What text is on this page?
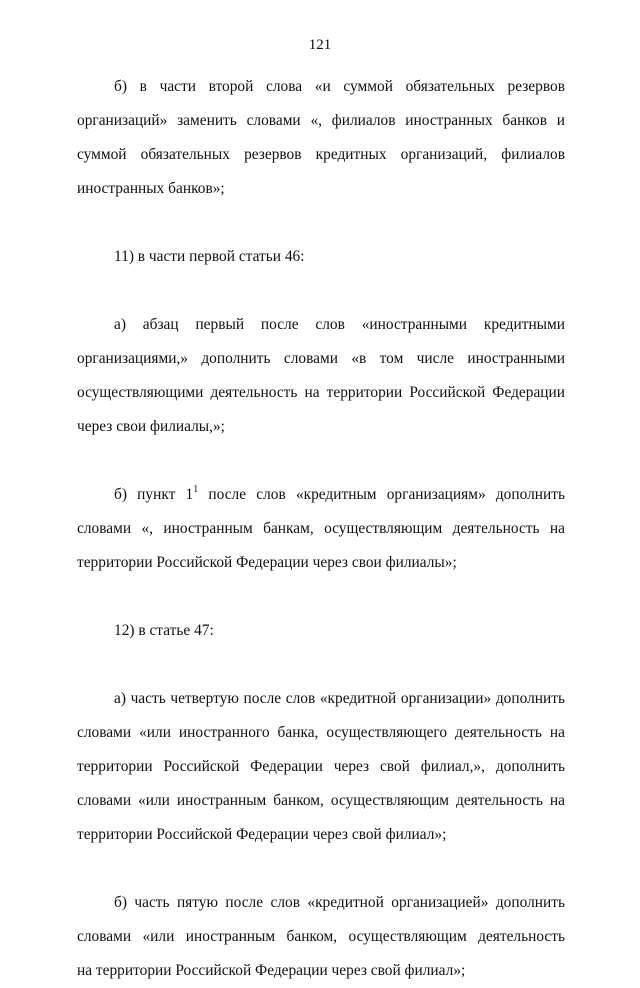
121
б) в части второй слова «и суммой обязательных резервов
организаций» заменить словами «, филиалов иностранных банков и
суммой обязательных резервов кредитных организаций, филиалов
иностранных банков»;
11) в части первой статьи 46:
а) абзац первый после слов «иностранными кредитными
организациями,» дополнить словами «в том числе иностранными
осуществляющими деятельность на территории Российской Федерации
через свои филиалы,»;
б) пункт $1^1$ после слов «кредитным организациям» дополнить
словами «, иностранным банкам, осуществляющим деятельность на
территории Российской Федерации через свои филиалы»;
12) в статье 47:
а) часть четвертую после слов «кредитной организации» дополнить
словами «или иностранного банка, осуществляющего деятельность на
территории Российской Федерации через свой филиал,», дополнить
словами «или иностранным банком, осуществляющим деятельность на
территории Российской Федерации через свой филиал»;
б) часть пятую после слов «кредитной организацией» дополнить
словами «или иностранным банком, осуществляющим деятельность
на территории Российской Федерации через свой филиал»;
